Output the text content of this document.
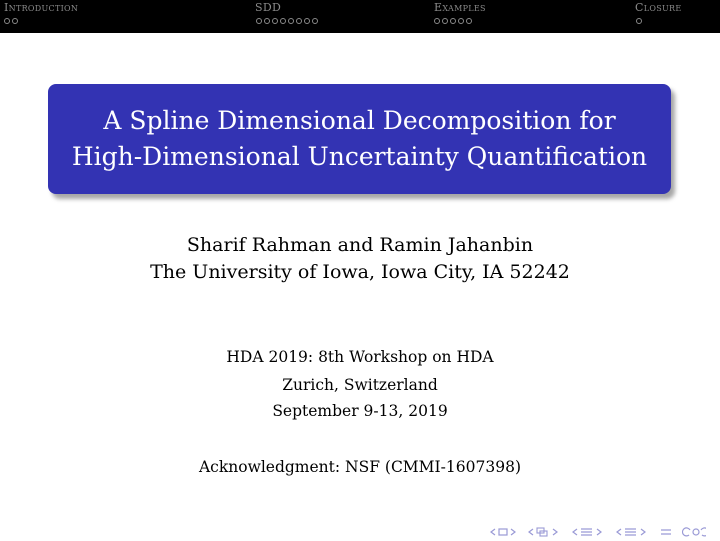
Introduction	SDD	Examples	Closure
A Spline Dimensional Decomposition for
High-Dimensional Uncertainty Quantification
Sharif Rahman and Ramin Jahanbin
The University of Iowa, Iowa City, IA 52242
HDA 2019: 8th Workshop on HDA
Zurich, Switzerland
September 9-13, 2019
Acknowledgment: NSF (CMMI-1607398)
